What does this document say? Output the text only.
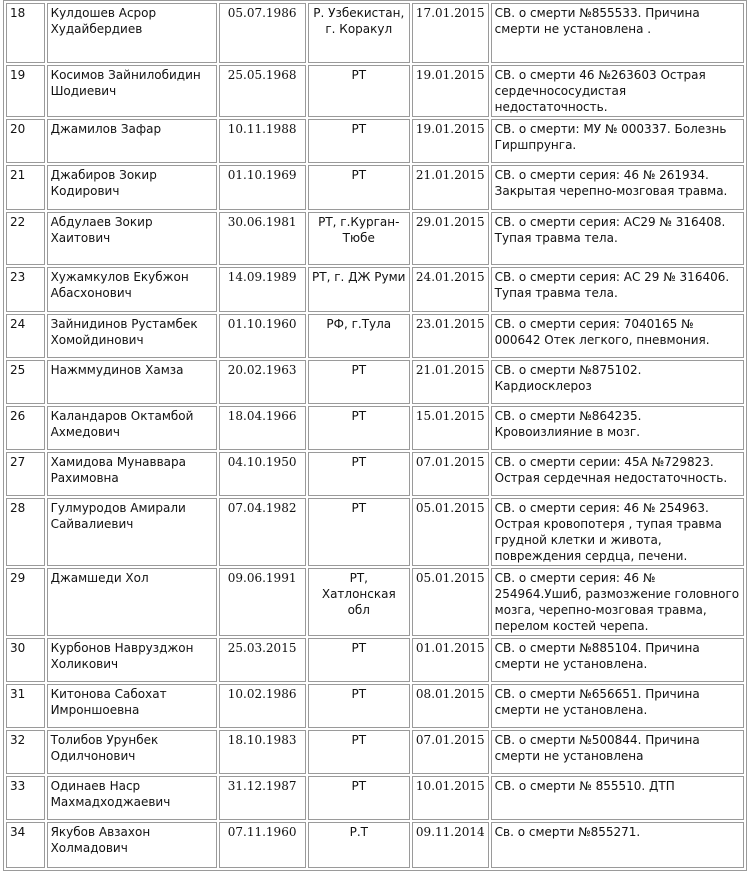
18	Кулдошев Асрор Худайбердиев	05.07.1986	Р. Узбекистан, г. Коракул	17.01.2015	СВ. о смерти №855533. Причина смерти не установлена .
19	Косимов Зайнилобидин Шодиевич	25.05.1968	РТ	19.01.2015	СВ. о смерти 46 №263603 Острая сердечнососудистая недостаточность.
20	Джамилов Зафар	10.11.1988	РТ	19.01.2015	СВ. о смерти: МУ № 000337. Болезнь Гиршпрунга.
21	Джабиров Зокир Кодирович	01.10.1969	РТ	21.01.2015	СВ. о смерти серия: 46 № 261934. Закрытая черепно-мозговая травма.
22	Абдулаев Зокир Хаитович	30.06.1981	РТ, г.Курган-Тюбе	29.01.2015	СВ. о смерти серия: АС29 № 316408. Тупая травма тела.
23	Хужамкулов Екубжон Абасхонович	14.09.1989	РТ, г. ДЖ Руми	24.01.2015	СВ. о смерти серия: АС 29 № 316406. Тупая травма тела.
24	Зайнидинов Рустамбек Хомойдинович	01.10.1960	РФ, г.Тула	23.01.2015	СВ. о смерти серия: 7040165 № 000642 Отек легкого, пневмония.
25	Нажммудинов Хамза	20.02.1963	РТ	21.01.2015	СВ. о смерти №875102. Кардиосклероз
26	Каландаров Октамбой Ахмедович	18.04.1966	РТ	15.01.2015	СВ. о смерти №864235. Кровоизлияние в мозг.
27	Хамидова Мунаввара Рахимовна	04.10.1950	РТ	07.01.2015	СВ. о смерти серии: 45А №729823. Острая сердечная недостаточность.
28	Гулмуродов Амирали Сайвалиевич	07.04.1982	РТ	05.01.2015	СВ. о смерти серия: 46 № 254963. Острая кровопотеря , тупая травма грудной клетки и живота, повреждения сердца, печени.
29	Джамшеди Хол	09.06.1991	РТ, Хатлонская обл	05.01.2015	СВ. о смерти серия: 46 № 254964.Ушиб, размозжение головного мозга, черепно-мозговая травма, перелом костей черепа.
30	Курбонов Наврузджон Холикович	25.03.2015	РТ	01.01.2015	СВ. о смерти №885104. Причина смерти не установлена.
31	Китонова Сабохат Имроншоевна	10.02.1986	РТ	08.01.2015	СВ. о смерти №656651. Причина смерти не установлена.
32	Толибов Урунбек Одилчонович	18.10.1983	РТ	07.01.2015	СВ. о смерти №500844. Причина смерти не установлена
33	Одинаев Наср Махмадходжаевич	31.12.1987	РТ	10.01.2015	СВ. о смерти № 855510. ДТП
34	Якубов Авзахон Холмадович	07.11.1960	Р.Т	09.11.2014	Св. о смерти №855271.
